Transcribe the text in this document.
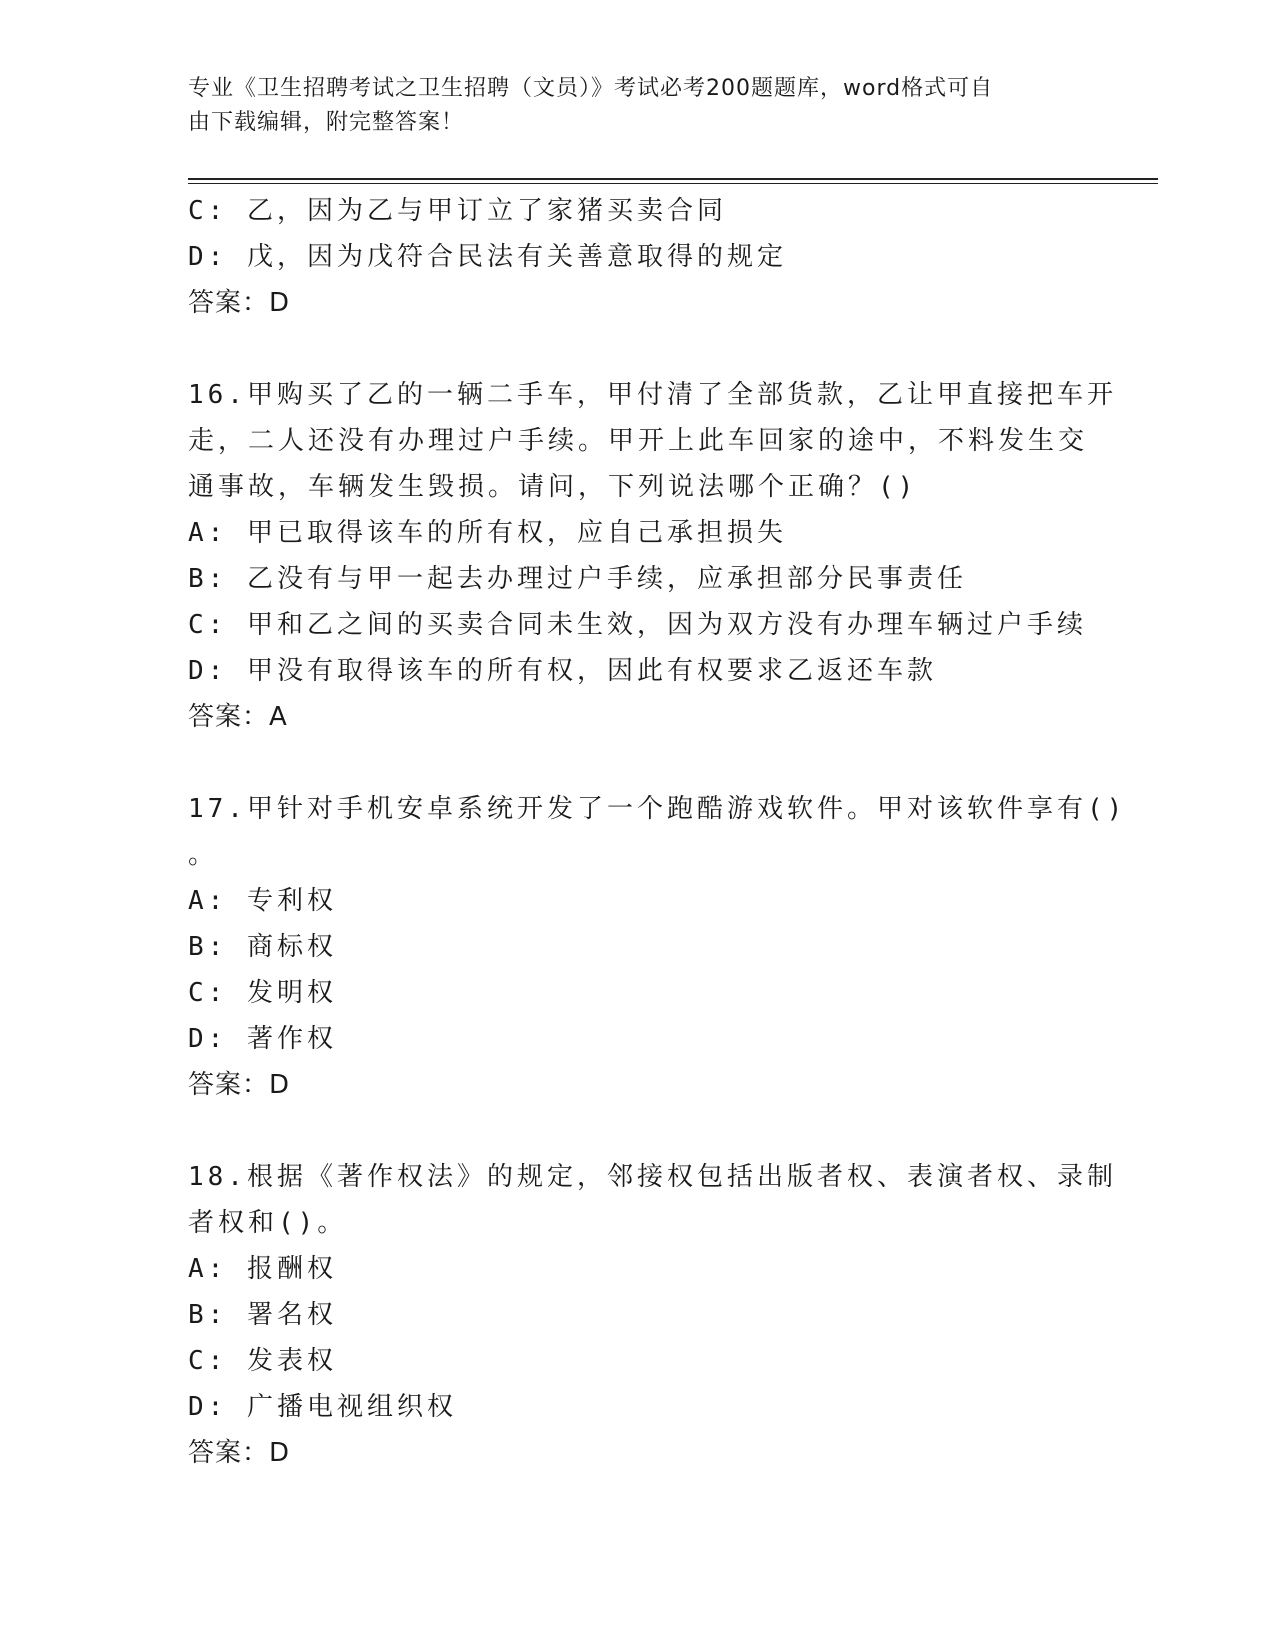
专业《卫生招聘考试之卫生招聘（文员）》考试必考200题题库，word格式可自
由下载编辑，附完整答案！
C: 乙，因为乙与甲订立了家猪买卖合同
D: 戊，因为戊符合民法有关善意取得的规定
答案：D
16.甲购买了乙的一辆二手车，甲付清了全部货款，乙让甲直接把车开
走，二人还没有办理过户手续。甲开上此车回家的途中，不料发生交
通事故，车辆发生毁损。请问，下列说法哪个正确？()
A: 甲已取得该车的所有权，应自己承担损失
B: 乙没有与甲一起去办理过户手续，应承担部分民事责任
C: 甲和乙之间的买卖合同未生效，因为双方没有办理车辆过户手续
D: 甲没有取得该车的所有权，因此有权要求乙返还车款
答案：A
17.甲针对手机安卓系统开发了一个跑酷游戏软件。甲对该软件享有()
。
A: 专利权
B: 商标权
C: 发明权
D: 著作权
答案：D
18.根据《著作权法》的规定，邻接权包括出版者权、表演者权、录制
者权和()。
A: 报酬权
B: 署名权
C: 发表权
D: 广播电视组织权
答案：D
